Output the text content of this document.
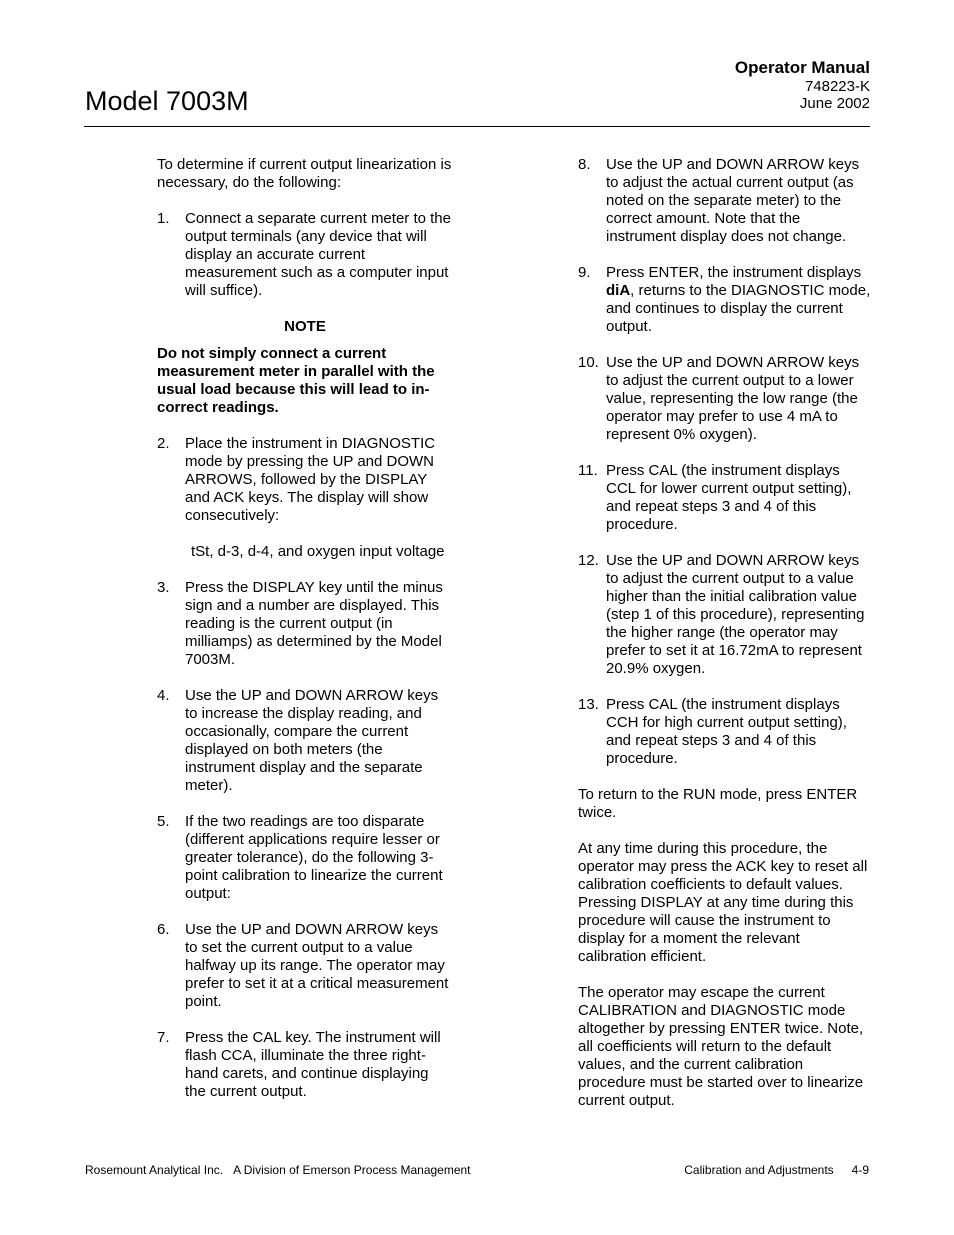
Model 7003M
Operator Manual
748223-K
June 2002

To determine if current output linearization is necessary, do the following:

1. Connect a separate current meter to the output terminals (any device that will display an accurate current measurement such as a computer input will suffice).
NOTE
Do not simply connect a current measurement meter in parallel with the usual load because this will lead to in-correct readings.
2. Place the instrument in DIAGNOSTIC mode by pressing the UP and DOWN ARROWS, followed by the DISPLAY and ACK keys. The display will show consecutively:
tSt, d-3, d-4, and oxygen input voltage
3. Press the DISPLAY key until the minus sign and a number are displayed. This reading is the current output (in milliamps) as determined by the Model 7003M.
4. Use the UP and DOWN ARROW keys to increase the display reading, and occasionally, compare the current displayed on both meters (the instrument display and the separate meter).
5. If the two readings are too disparate (different applications require lesser or greater tolerance), do the following 3-point calibration to linearize the current output:
6. Use the UP and DOWN ARROW keys to set the current output to a value halfway up its range. The operator may prefer to set it at a critical measurement point.
7. Press the CAL key. The instrument will flash CCA, illuminate the three right-hand carets, and continue displaying the current output.
8. Use the UP and DOWN ARROW keys to adjust the actual current output (as noted on the separate meter) to the correct amount. Note that the instrument display does not change.
9. Press ENTER, the instrument displays diA, returns to the DIAGNOSTIC mode, and continues to display the current output.
10. Use the UP and DOWN ARROW keys to adjust the current output to a lower value, representing the low range (the operator may prefer to use 4 mA to represent 0% oxygen).
11. Press CAL (the instrument displays CCL for lower current output setting), and repeat steps 3 and 4 of this procedure.
12. Use the UP and DOWN ARROW keys to adjust the current output to a value higher than the initial calibration value (step 1 of this procedure), representing the higher range (the operator may prefer to set it at 16.72mA to represent 20.9% oxygen.
13. Press CAL (the instrument displays CCH for high current output setting), and repeat steps 3 and 4 of this procedure.

To return to the RUN mode, press ENTER twice.

At any time during this procedure, the operator may press the ACK key to reset all calibration coefficients to default values. Pressing DISPLAY at any time during this procedure will cause the instrument to display for a moment the relevant calibration efficient.

The operator may escape the current CALIBRATION and DIAGNOSTIC mode altogether by pressing ENTER twice. Note, all coefficients will return to the default values, and the current calibration procedure must be started over to linearize current output.

Rosemount Analytical Inc. A Division of Emerson Process Management	Calibration and Adjustments 4-9
